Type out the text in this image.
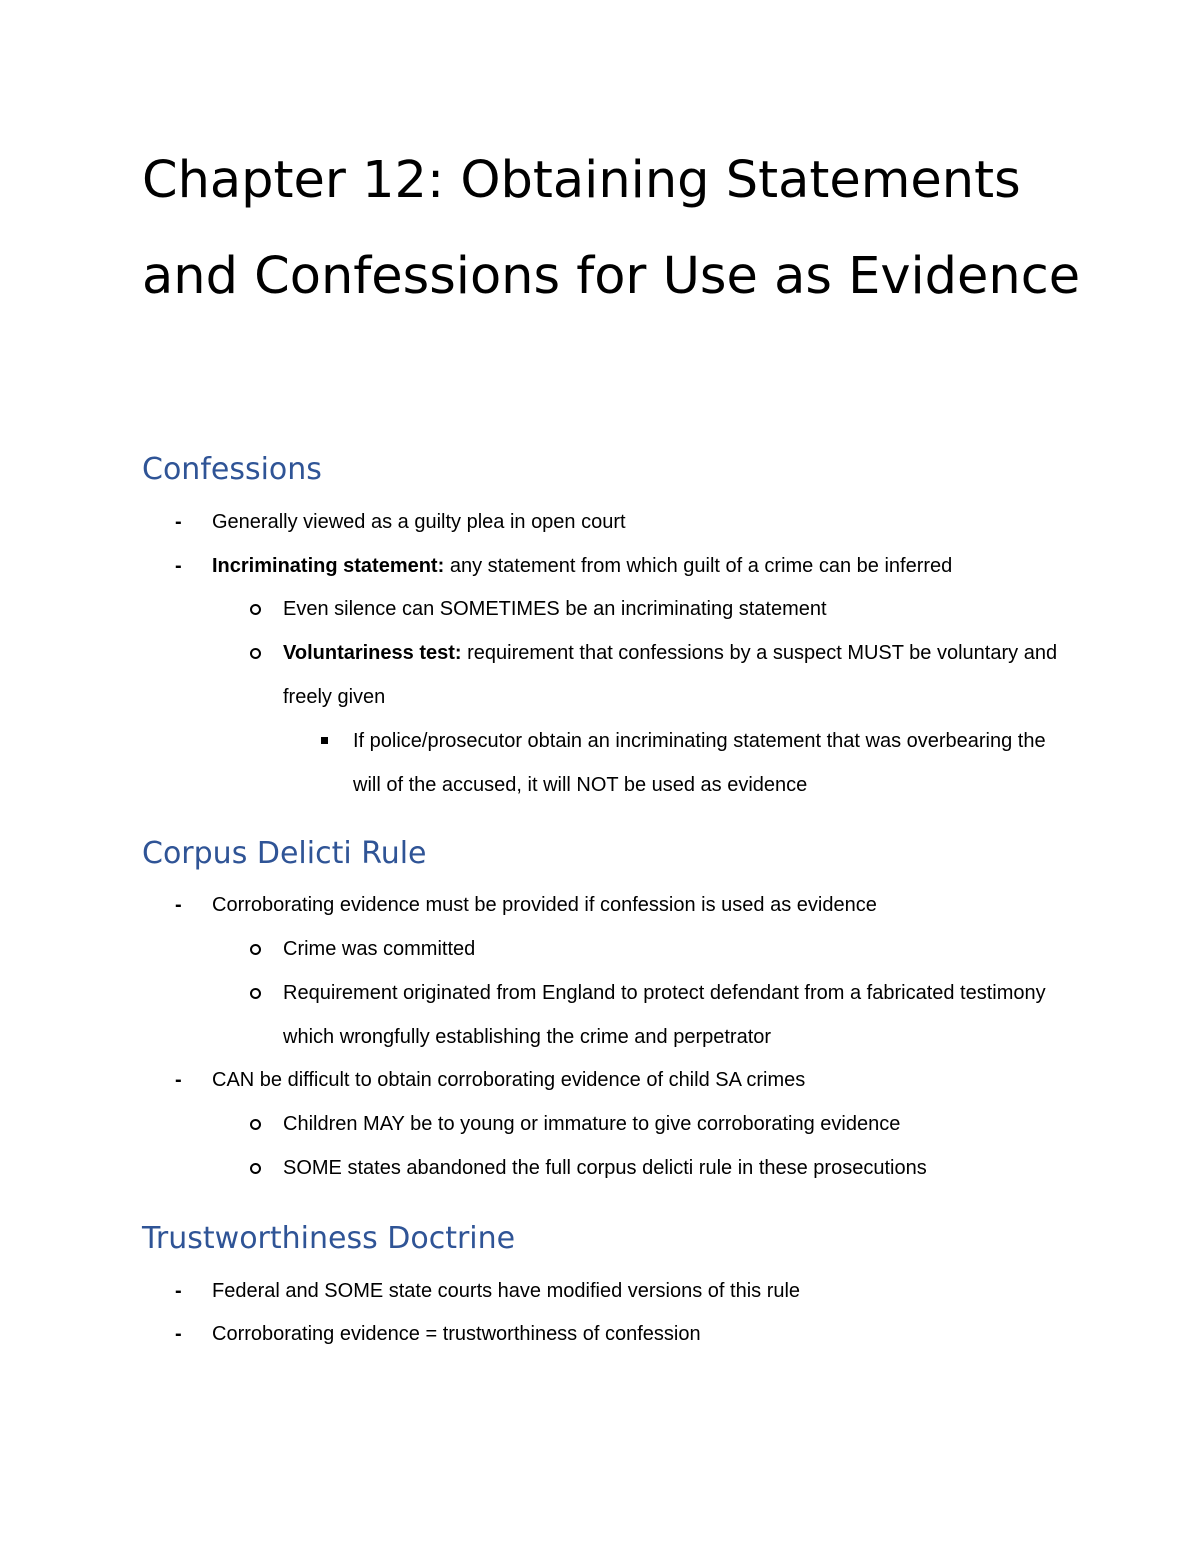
Chapter 12: Obtaining Statements and Confessions for Use as Evidence
Confessions

- Generally viewed as a guilty plea in open court

- Incriminating statement: any statement from which guilt of a crime can be inferred

Even silence can SOMETIMES be an incriminating statement

Voluntariness test: requirement that confessions by a suspect MUST be voluntary and freely given

If police/prosecutor obtain an incriminating statement that was overbearing the will of the accused, it will NOT be used as evidence

Corpus Delicti Rule

- Corroborating evidence must be provided if confession is used as evidence

Crime was committed

Requirement originated from England to protect defendant from a fabricated testimony which wrongfully establishing the crime and perpetrator

- CAN be difficult to obtain corroborating evidence of child SA crimes

Children MAY be to young or immature to give corroborating evidence

SOME states abandoned the full corpus delicti rule in these prosecutions

Trustworthiness Doctrine

- Federal and SOME state courts have modified versions of this rule

- Corroborating evidence = trustworthiness of confession
